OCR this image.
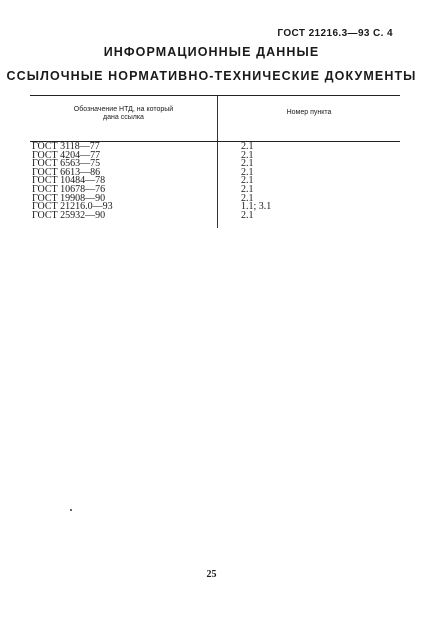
ГОСТ 21216.3—93 С. 4
ИНФОРМАЦИОННЫЕ ДАННЫЕ
ССЫЛОЧНЫЕ НОРМАТИВНО-ТЕХНИЧЕСКИЕ ДОКУМЕНТЫ
Обозначение НТД, на который
дана ссылка
Номер пункта
ГОСТ 3118—77	2.1
ГОСТ 4204—77	2.1
ГОСТ 6563—75	2.1
ГОСТ 6613—86	2.1
ГОСТ 10484—78	2.1
ГОСТ 10678—76	2.1
ГОСТ 19908—90	2.1
ГОСТ 21216.0—93	1.1; 3.1
ГОСТ 25932—90	2.1
25
